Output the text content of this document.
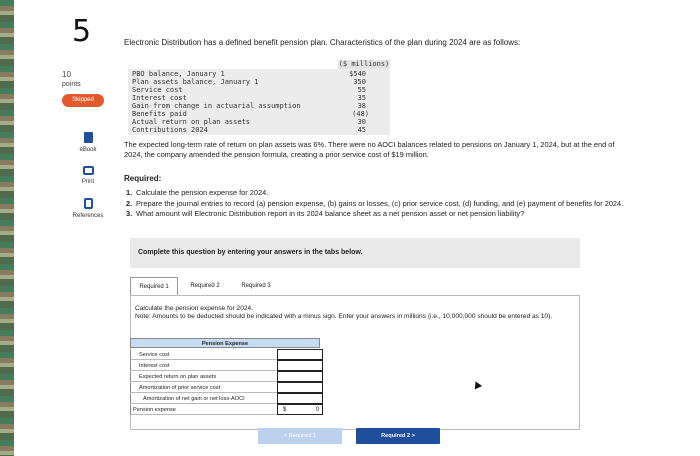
5
10
points
Skipped
eBook
Print
References
Electronic Distribution has a defined benefit pension plan. Characteristics of the plan during 2024 are as follows:
($ millions)
PBO balance, January 1	$540
Plan assets balance, January 1	350
Service cost	55
Interest cost	35
Gain from change in actuarial assumption	38
Benefits paid	(48)
Actual return on plan assets	30
Contributions 2024	45
The expected long-term rate of return on plan assets was 6%. There were no AOCI balances related to pensions on January 1, 2024, but at the end of 2024, the company amended the pension formula, creating a prior service cost of $19 million.
Required:
1. Calculate the pension expense for 2024.
2. Prepare the journal entries to record (a) pension expense, (b) gains or losses, (c) prior service cost, (d) funding, and (e) payment of benefits for 2024.
3. What amount will Electronic Distribution report in its 2024 balance sheet as a net pension asset or net pension liability?
Complete this question by entering your answers in the tabs below.
Required 1	Required 2	Required 3
Calculate the pension expense for 2024.
Note: Amounts to be deducted should be indicated with a minus sign. Enter your answers in millions (i.e., 10,000,000 should be entered as 10).
Pension Expense
Service cost
Interest cost
Expected return on plan assets
Amortization of prior service cost
Amortization of net gain or net loss-AOCI
Pension expense	$	0
< Required 1	Required 2 >
